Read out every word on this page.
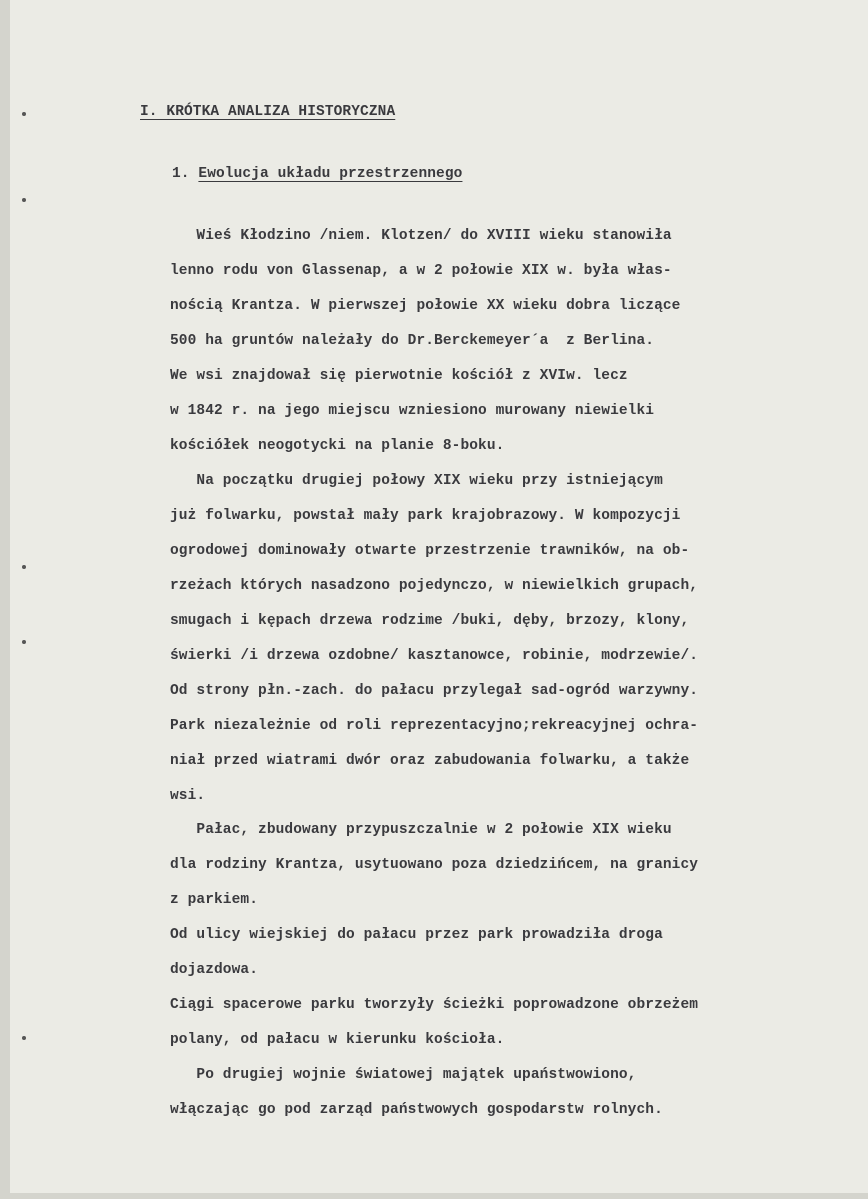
I. KRÓTKA ANALIZA HISTORYCZNA
1. Ewolucja układu przestrzennego
Wieś Kłodzino /niem. Klotzen/ do XVIII wieku stanowiła
lenno rodu von Glassenap, a w 2 połowie XIX w. była włas-
nością Krantza. W pierwszej połowie XX wieku dobra liczące
500 ha gruntów należały do Dr.Berckemeyer´a  z Berlina.
We wsi znajdował się pierwotnie kościół z XVIw. lecz
w 1842 r. na jego miejscu wzniesiono murowany niewielki
kościółek neogotycki na planie 8-boku.
Na początku drugiej połowy XIX wieku przy istniejącym
już folwarku, powstał mały park krajobrazowy. W kompozycji
ogrodowej dominowały otwarte przestrzenie trawników, na ob-
rzeżach których nasadzono pojedynczo, w niewielkich grupach,
smugach i kępach drzewa rodzime /buki, dęby, brzozy, klony,
świerki /i drzewa ozdobne/ kasztanowce, robinie, modrzewie/.
Od strony płn.-zach. do pałacu przylegał sad-ogród warzywny.
Park niezależnie od roli reprezentacyjno;rekreacyjnej ochra-
niał przed wiatrami dwór oraz zabudowania folwarku, a także
wsi.
Pałac, zbudowany przypuszczalnie w 2 połowie XIX wieku
dla rodziny Krantza, usytuowano poza dziedzińcem, na granicy
z parkiem.
Od ulicy wiejskiej do pałacu przez park prowadziła droga
dojazdowa.
Ciągi spacerowe parku tworzyły ścieżki poprowadzone obrzeżem
polany, od pałacu w kierunku kościoła.
Po drugiej wojnie światowej majątek upaństwowiono,
włączając go pod zarząd państwowych gospodarstw rolnych.
